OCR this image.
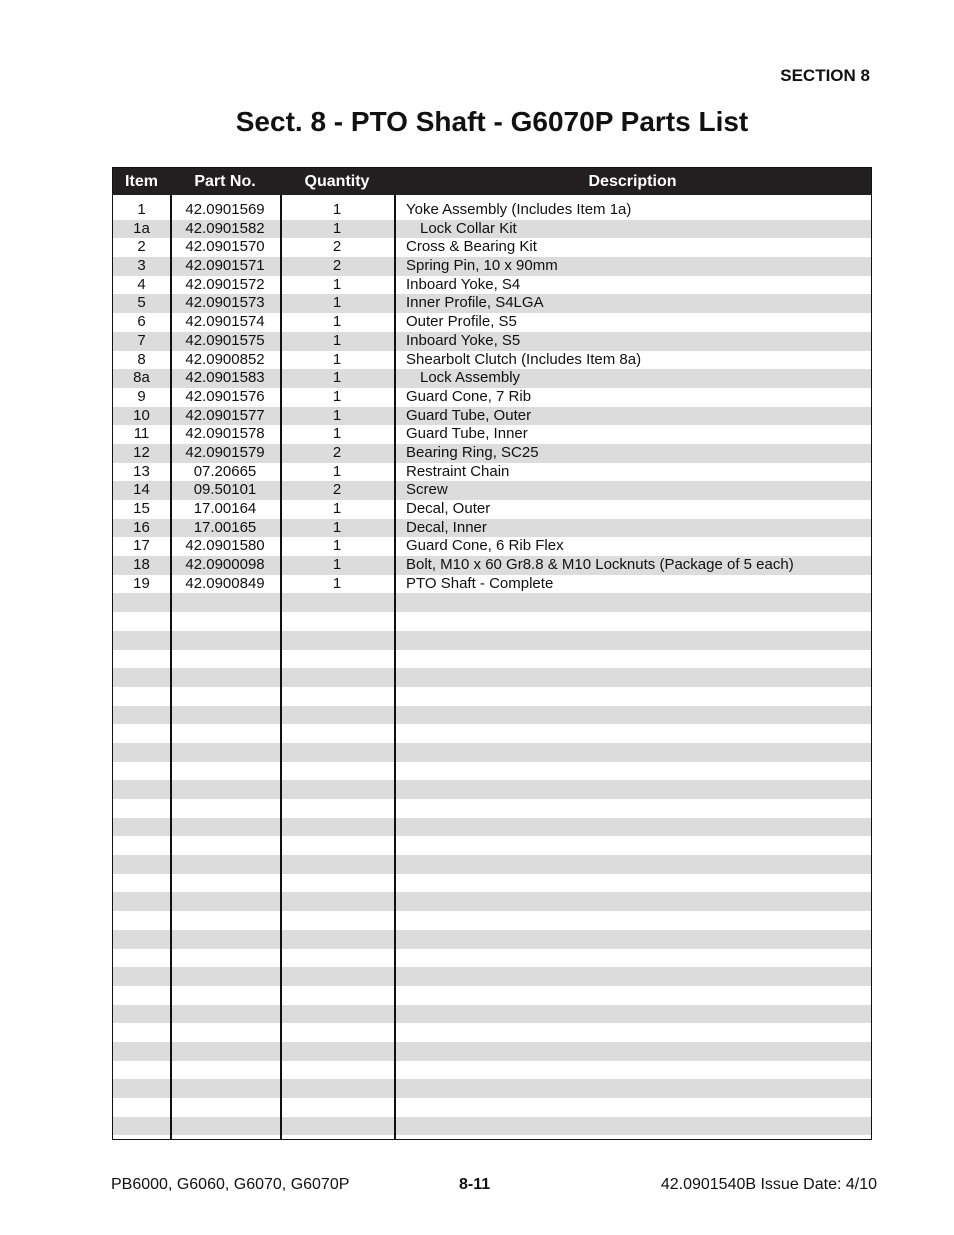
SECTION 8
Sect. 8 - PTO Shaft - G6070P Parts List
Item	Part No.	Quantity	Description
1	42.0901569	1	Yoke Assembly (Includes Item 1a)
1a	42.0901582	1	Lock Collar Kit
2	42.0901570	2	Cross & Bearing Kit
3	42.0901571	2	Spring Pin, 10 x 90mm
4	42.0901572	1	Inboard Yoke, S4
5	42.0901573	1	Inner Profile, S4LGA
6	42.0901574	1	Outer Profile, S5
7	42.0901575	1	Inboard Yoke, S5
8	42.0900852	1	Shearbolt Clutch (Includes Item 8a)
8a	42.0901583	1	Lock Assembly
9	42.0901576	1	Guard Cone, 7 Rib
10	42.0901577	1	Guard Tube, Outer
11	42.0901578	1	Guard Tube, Inner
12	42.0901579	2	Bearing Ring, SC25
13	07.20665	1	Restraint Chain
14	09.50101	2	Screw
15	17.00164	1	Decal, Outer
16	17.00165	1	Decal, Inner
17	42.0901580	1	Guard Cone, 6 Rib Flex
18	42.0900098	1	Bolt, M10 x 60 Gr8.8 & M10 Locknuts (Package of 5 each)
19	42.0900849	1	PTO Shaft - Complete
PB6000, G6060, G6070, G6070P	8-11	42.0901540B Issue Date: 4/10
